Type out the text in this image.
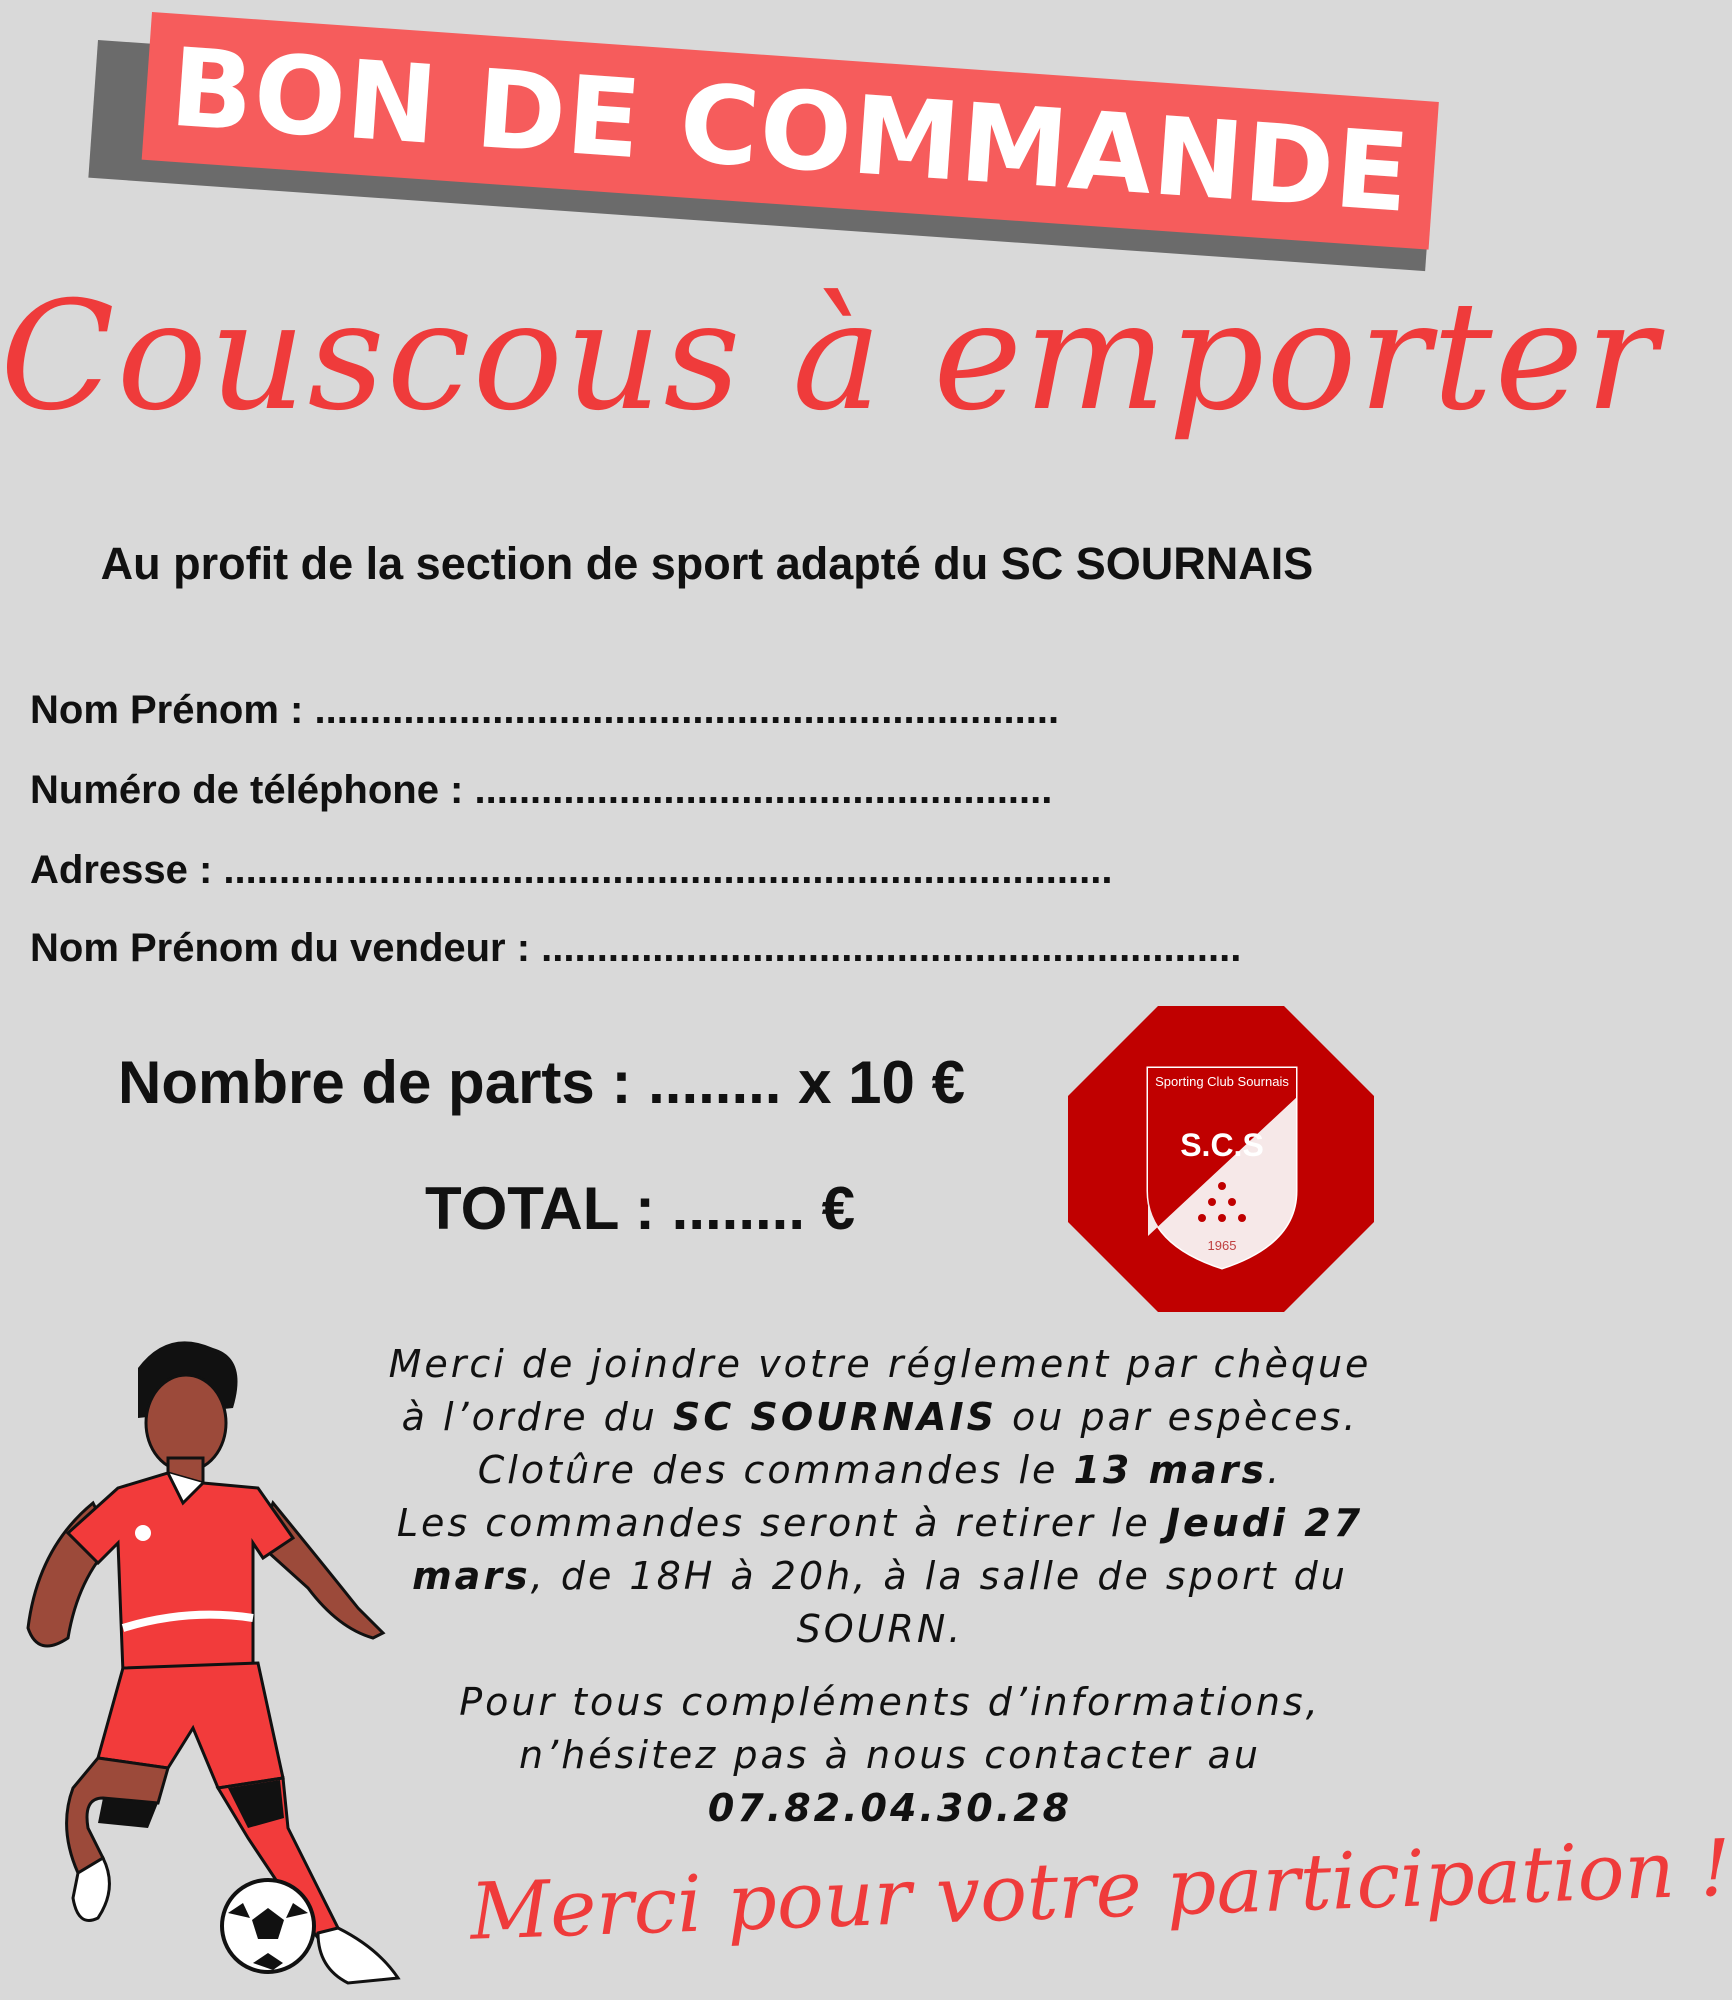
BON DE COMMANDE
Couscous à emporter
Au profit de la section de sport adapté du SC SOURNAIS
Nom Prénom : ...................................................................
Numéro de téléphone : ....................................................
Adresse : ................................................................................
Nom Prénom du vendeur : ...............................................................
Nombre de parts : ........ x 10 €
TOTAL : ........ €
Sporting Club Sournais
S.C.S
1965

Merci de joindre votre réglement par chèque

à l’ordre du SC SOURNAIS ou par espèces.

Clotûre des commandes le 13 mars.

Les commandes seront à retirer le Jeudi 27

mars, de 18H à 20h, à la salle de sport du

SOURN.

Pour tous compléments d’informations,

n’hésitez pas à nous contacter au

07.82.04.30.28

Merci pour votre participation !
